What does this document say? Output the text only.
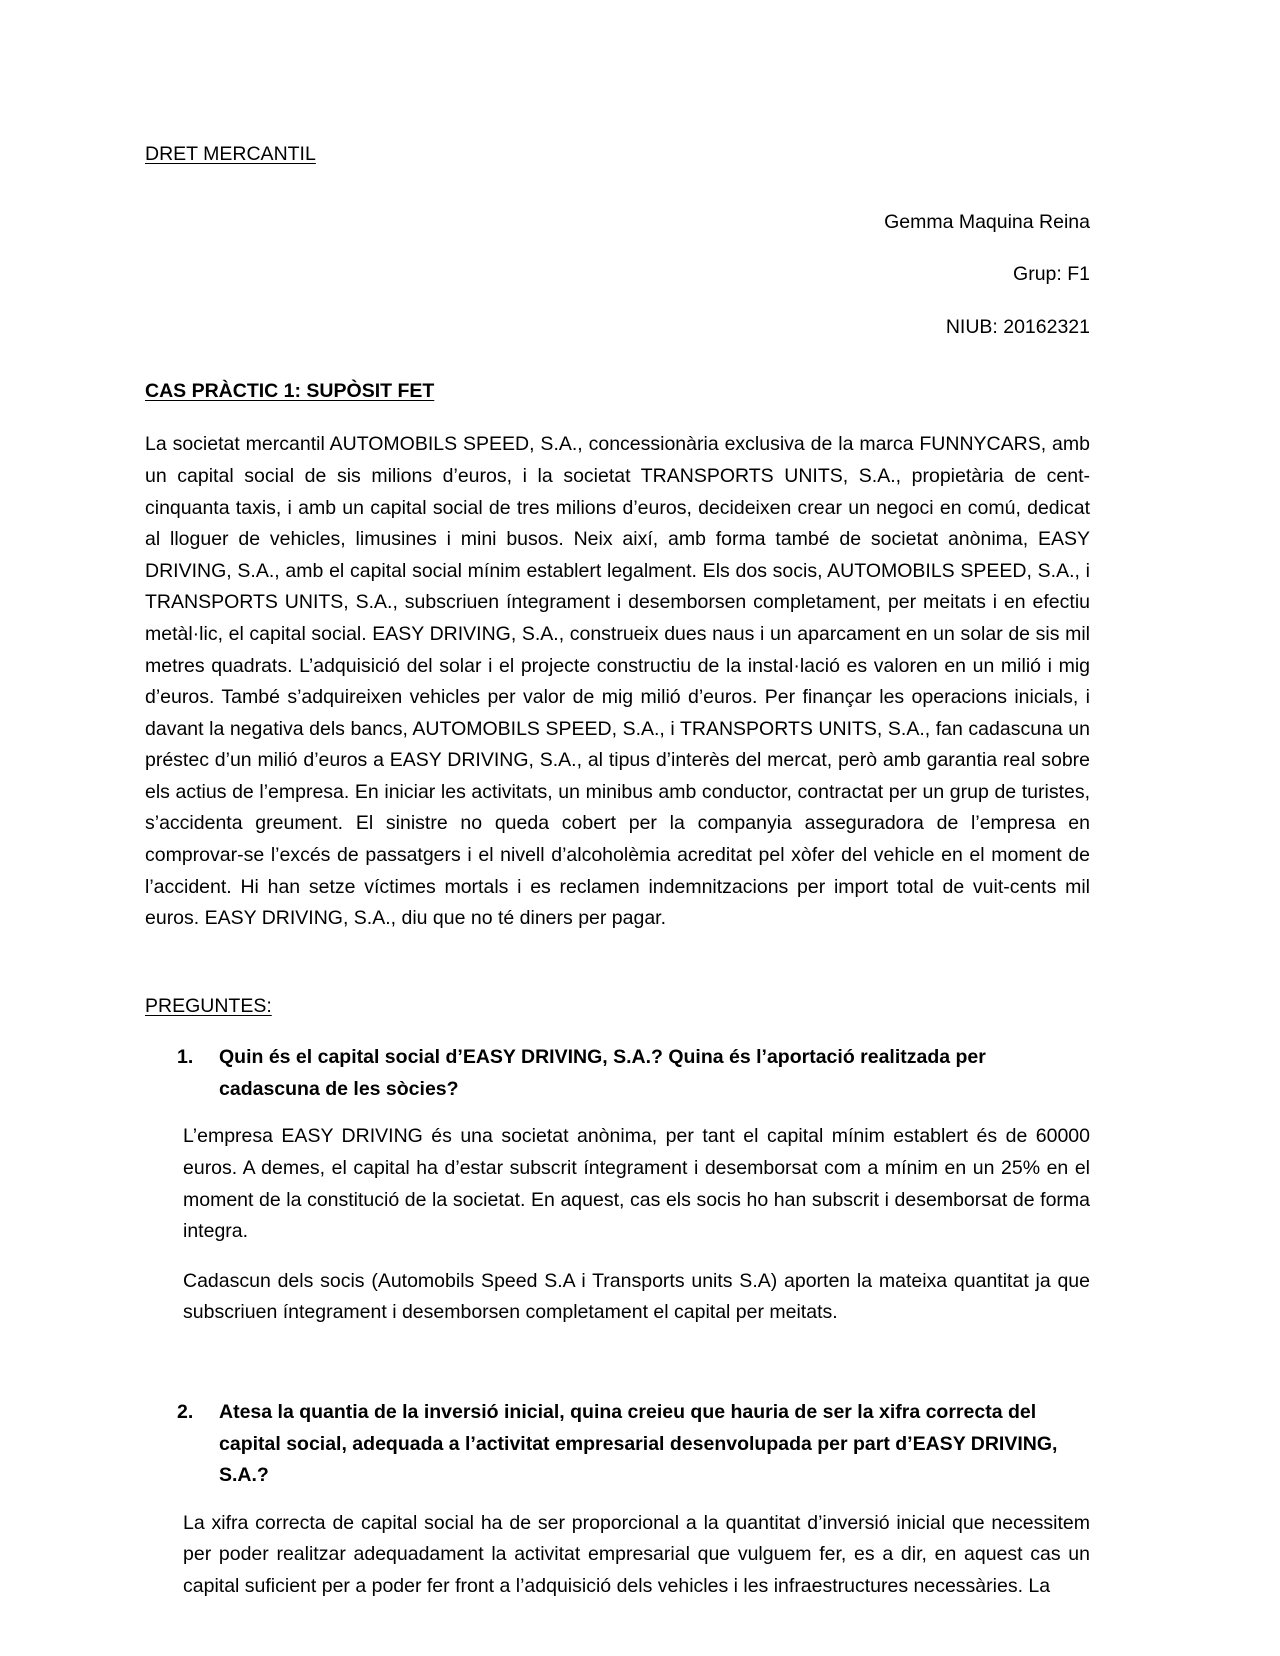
DRET MERCANTIL
Gemma Maquina Reina
Grup: F1
NIUB: 20162321
CAS PRÀCTIC 1: SUPÒSIT FET
La societat mercantil AUTOMOBILS SPEED, S.A., concessionària exclusiva de la marca FUNNYCARS, amb un capital social de sis milions d’euros, i la societat TRANSPORTS UNITS, S.A., propietària de cent-cinquanta taxis, i amb un capital social de tres milions d’euros, decideixen crear un negoci en comú, dedicat al lloguer de vehicles, limusines i mini busos. Neix així, amb forma també de societat anònima, EASY DRIVING, S.A., amb el capital social mínim establert legalment. Els dos socis, AUTOMOBILS SPEED, S.A., i TRANSPORTS UNITS, S.A., subscriuen íntegrament i desemborsen completament, per meitats i en efectiu metàl·lic, el capital social. EASY DRIVING, S.A., construeix dues naus i un aparcament en un solar de sis mil metres quadrats. L’adquisició del solar i el projecte constructiu de la instal·lació es valoren en un milió i mig d’euros. També s’adquireixen vehicles per valor de mig milió d’euros. Per finançar les operacions inicials, i davant la negativa dels bancs, AUTOMOBILS SPEED, S.A., i TRANSPORTS UNITS, S.A., fan cadascuna un préstec d’un milió d’euros a EASY DRIVING, S.A., al tipus d’interès del mercat, però amb garantia real sobre els actius de l’empresa. En iniciar les activitats, un minibus amb conductor, contractat per un grup de turistes, s’accidenta greument. El sinistre no queda cobert per la companyia asseguradora de l’empresa en comprovar-se l’excés de passatgers i el nivell d’alcoholèmia acreditat pel xòfer del vehicle en el moment de l’accident. Hi han setze víctimes mortals i es reclamen indemnitzacions per import total de vuit-cents mil euros. EASY DRIVING, S.A., diu que no té diners per pagar.
PREGUNTES:
1.	Quin és el capital social d’EASY DRIVING, S.A.? Quina és l’aportació realitzada per cadascuna de les sòcies?
L’empresa EASY DRIVING és una societat anònima, per tant el capital mínim establert és de 60000 euros. A demes, el capital ha d’estar subscrit íntegrament i desemborsat com a mínim en un 25% en el moment de la constitució de la societat. En aquest, cas els socis ho han subscrit i desemborsat de forma integra.
Cadascun dels socis (Automobils Speed S.A i Transports units S.A) aporten la mateixa quantitat ja que subscriuen íntegrament i desemborsen completament el capital per meitats.
2.	Atesa la quantia de la inversió inicial, quina creieu que hauria de ser la xifra correcta del capital social, adequada a l’activitat empresarial desenvolupada per part d’EASY DRIVING, S.A.?
La xifra correcta de capital social ha de ser proporcional a la quantitat d’inversió inicial que necessitem per poder realitzar adequadament la activitat empresarial que vulguem fer, es a dir, en aquest cas un capital suficient per a poder fer front a l’adquisició dels vehicles i les infraestructures necessàries. La
